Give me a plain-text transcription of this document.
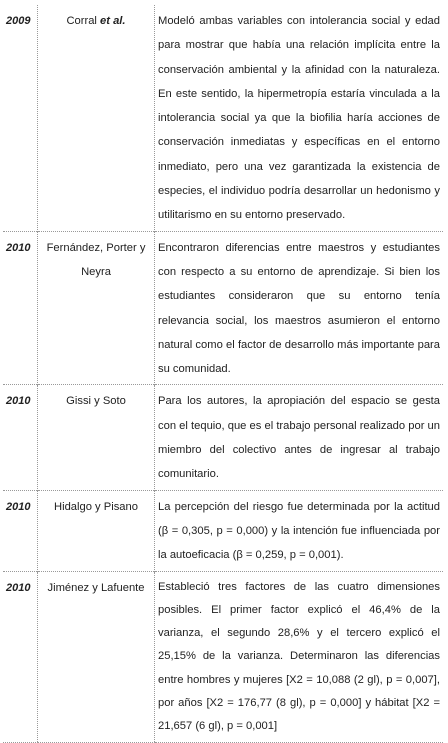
2009	Corral et al.	Modeló ambas variables con intolerancia social y edad para mostrar que había una relación implícita entre la conservación ambiental y la afinidad con la naturaleza. En este sentido, la hipermetropía estaría vinculada a la intolerancia social ya que la biofilia haría acciones de conservación inmediatas y específicas en el entorno inmediato, pero una vez garantizada la existencia de especies, el individuo podría desarrollar un hedonismo y utilitarismo en su entorno preservado.
2010	Fernández, Porter y Neyra	Encontraron diferencias entre maestros y estudiantes con respecto a su entorno de aprendizaje. Si bien los estudiantes consideraron que su entorno tenía relevancia social, los maestros asumieron el entorno natural como el factor de desarrollo más importante para su comunidad.
2010	Gissi y Soto	Para los autores, la apropiación del espacio se gesta con el tequio, que es el trabajo personal realizado por un miembro del colectivo antes de ingresar al trabajo comunitario.
2010	Hidalgo y Pisano	La percepción del riesgo fue determinada por la actitud (β = 0,305, p = 0,000) y la intención fue influenciada por la autoeficacia (β = 0,259, p = 0,001).
2010	Jiménez y Lafuente	Estableció tres factores de las cuatro dimensiones posibles. El primer factor explicó el 46,4% de la varianza, el segundo 28,6% y el tercero explicó el 25,15% de la varianza. Determinaron las diferencias entre hombres y mujeres [X2 = 10,088 (2 gl), p = 0,007], por años [X2 = 176,77 (8 gl), p = 0,000] y hábitat [X2 = 21,657 (6 gl), p = 0,001]
